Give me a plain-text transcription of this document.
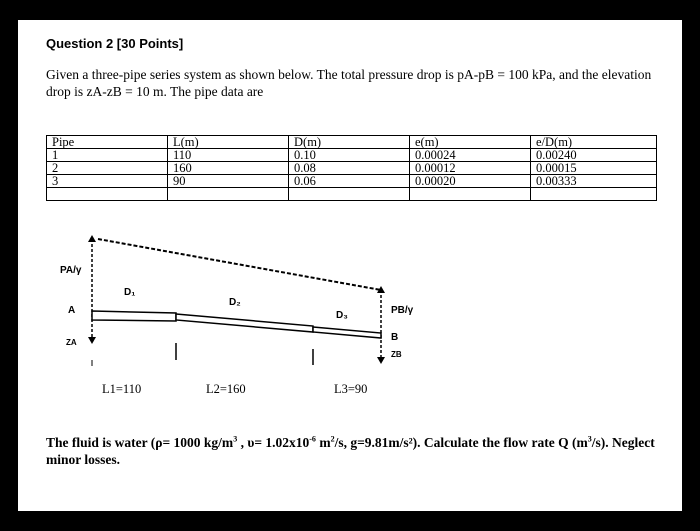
Question 2 [30 Points]
Given a three-pipe series system as shown below. The total pressure drop is pA-pB = 100 kPa, and the elevation drop is zA-zB = 10 m. The pipe data are
Pipe	L(m)	D(m)	e(m)	e/D(m)
1	110	0.10	0.00024	0.00240
2	160	0.08	0.00012	0.00015
3	90	0.06	0.00020	0.00333

PA/γ
D₁
D₂
D₃	PB/γ
A
B
ZA
ZB
L1=110	L2=160	L3=90
The fluid is water (ρ= 1000 $kg/m^3$ , $\upsilon= 1.02x10^{-6}$ $m^2/s$, g=9.81m/s²). Calculate the flow rate Q $(m^3/s)$. Neglect minor losses.
